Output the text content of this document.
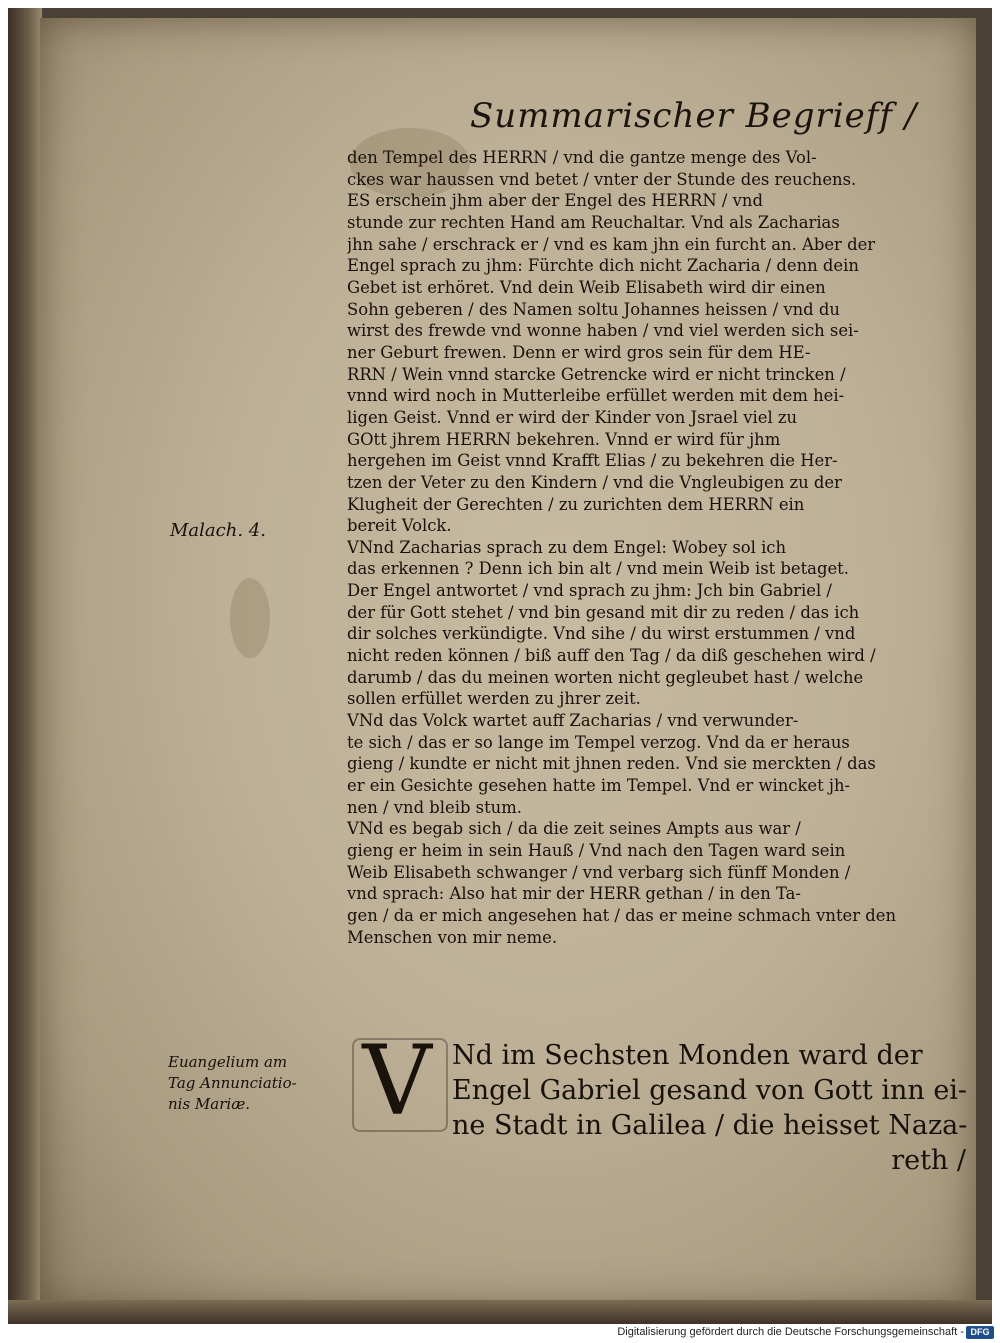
Summarischer Begrieff /
den Tempel des HERRN / vnd die gantze menge des Vol-
ckes war haussen vnd betet / vnter der Stunde des reuchens.
ES erschein jhm aber der Engel des HERRN / vnd
stunde zur rechten Hand am Reuchaltar. Vnd als Zacharias
jhn sahe / erschrack er / vnd es kam jhn ein furcht an. Aber der
Engel sprach zu jhm: Fürchte dich nicht Zacharia / denn dein
Gebet ist erhöret. Vnd dein Weib Elisabeth wird dir einen
Sohn geberen / des Namen soltu Johannes heissen / vnd du
wirst des frewde vnd wonne haben / vnd viel werden sich sei-
ner Geburt frewen. Denn er wird gros sein für dem HE-
RRN / Wein vnnd starcke Getrencke wird er nicht trincken /
vnnd wird noch in Mutterleibe erfüllet werden mit dem hei-
ligen Geist. Vnnd er wird der Kinder von Jsrael viel zu
GOtt jhrem HERRN bekehren. Vnnd er wird für jhm
hergehen im Geist vnnd Krafft Elias / zu bekehren die Her-
tzen der Veter zu den Kindern / vnd die Vngleubigen zu der
Klugheit der Gerechten / zu zurichten dem HERRN ein
bereit Volck.
VNnd Zacharias sprach zu dem Engel: Wobey sol ich
das erkennen ? Denn ich bin alt / vnd mein Weib ist betaget.
Der Engel antwortet / vnd sprach zu jhm: Jch bin Gabriel /
der für Gott stehet / vnd bin gesand mit dir zu reden / das ich
dir solches verkündigte. Vnd sihe / du wirst erstummen / vnd
nicht reden können / biß auff den Tag / da diß geschehen wird /
darumb / das du meinen worten nicht gegleubet hast / welche
sollen erfüllet werden zu jhrer zeit.
VNd das Volck wartet auff Zacharias / vnd verwunder-
te sich / das er so lange im Tempel verzog. Vnd da er heraus
gieng / kundte er nicht mit jhnen reden. Vnd sie merckten / das
er ein Gesichte gesehen hatte im Tempel. Vnd er wincket jh-
nen / vnd bleib stum.
VNd es begab sich / da die zeit seines Ampts aus war /
gieng er heim in sein Hauß / Vnd nach den Tagen ward sein
Weib Elisabeth schwanger / vnd verbarg sich fünff Monden /
vnd sprach: Also hat mir der HERR gethan / in den Ta-
gen / da er mich angesehen hat / das er meine schmach vnter den
Menschen von mir neme.
Malach. 4.
Euangelium am
Tag Annunciatio-
nis Mariæ.	V Nd im Sechsten Monden ward der
Engel Gabriel gesand von Gott inn ei-
ne Stadt in Galilea / die heisset Naza-
reth /
Digitalisierung gefördert durch die Deutsche Forschungsgemeinschaft - DFG
